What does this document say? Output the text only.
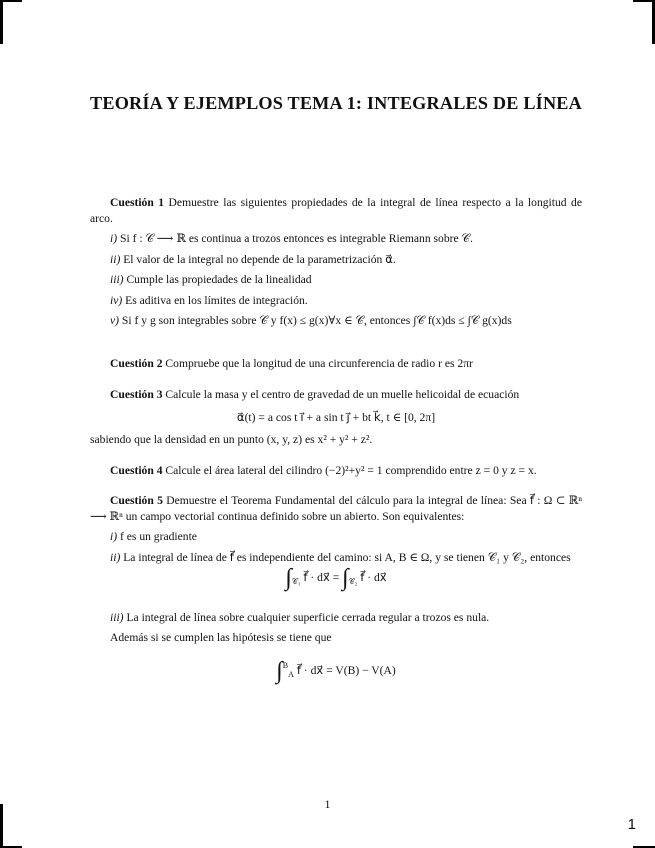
TEORÍA Y EJEMPLOS TEMA 1: INTEGRALES DE LÍNEA

Cuestión 1 Demuestre las siguientes propiedades de la integral de línea respecto a la longitud de arco.

i) Si f : 𝒞 ⟶ ℝ es continua a trozos entonces es integrable Riemann sobre 𝒞.

ii) El valor de la integral no depende de la parametrización α⃗.

iii) Cumple las propiedades de la linealidad

iv) Es aditiva en los límites de integración.

v) Si f y g son integrables sobre 𝒞 y f(x) ≤ g(x)∀x ∈ 𝒞, entonces ∫𝒞 f(x)ds ≤ ∫𝒞 g(x)ds

Cuestión 2 Compruebe que la longitud de una circunferencia de radio r es 2πr

Cuestión 3 Calcule la masa y el centro de gravedad de un muelle helicoidal de ecuación

α⃗(t) = a cos t i⃗ + a sin t j⃗ + bt k⃗, t ∈ [0, 2π]

sabiendo que la densidad en un punto (x, y, z) es x² + y² + z².

Cuestión 4 Calcule el área lateral del cilindro (−2)²+y² = 1 comprendido entre z = 0 y z = x.

Cuestión 5 Demuestre el Teorema Fundamental del cálculo para la integral de línea: Sea f⃗ : Ω ⊂ ℝⁿ ⟶ ℝⁿ un campo vectorial continua definido sobre un abierto. Son equivalentes:

i) f es un gradiente

ii) La integral de línea de f⃗ es independiente del camino: si A, B ∈ Ω, y se tienen 𝒞₁ y 𝒞₂, entonces

$\int_{𝒞_1}$ f⃗ · dx⃗ = $\int_{𝒞_2}$ f⃗ · dx⃗

iii) La integral de línea sobre cualquier superficie cerrada regular a trozos es nula.

Además si se cumplen las hipótesis se tiene que

∫$^B_A$ f⃗ · dx⃗ = V(B) − V(A)

1
1
